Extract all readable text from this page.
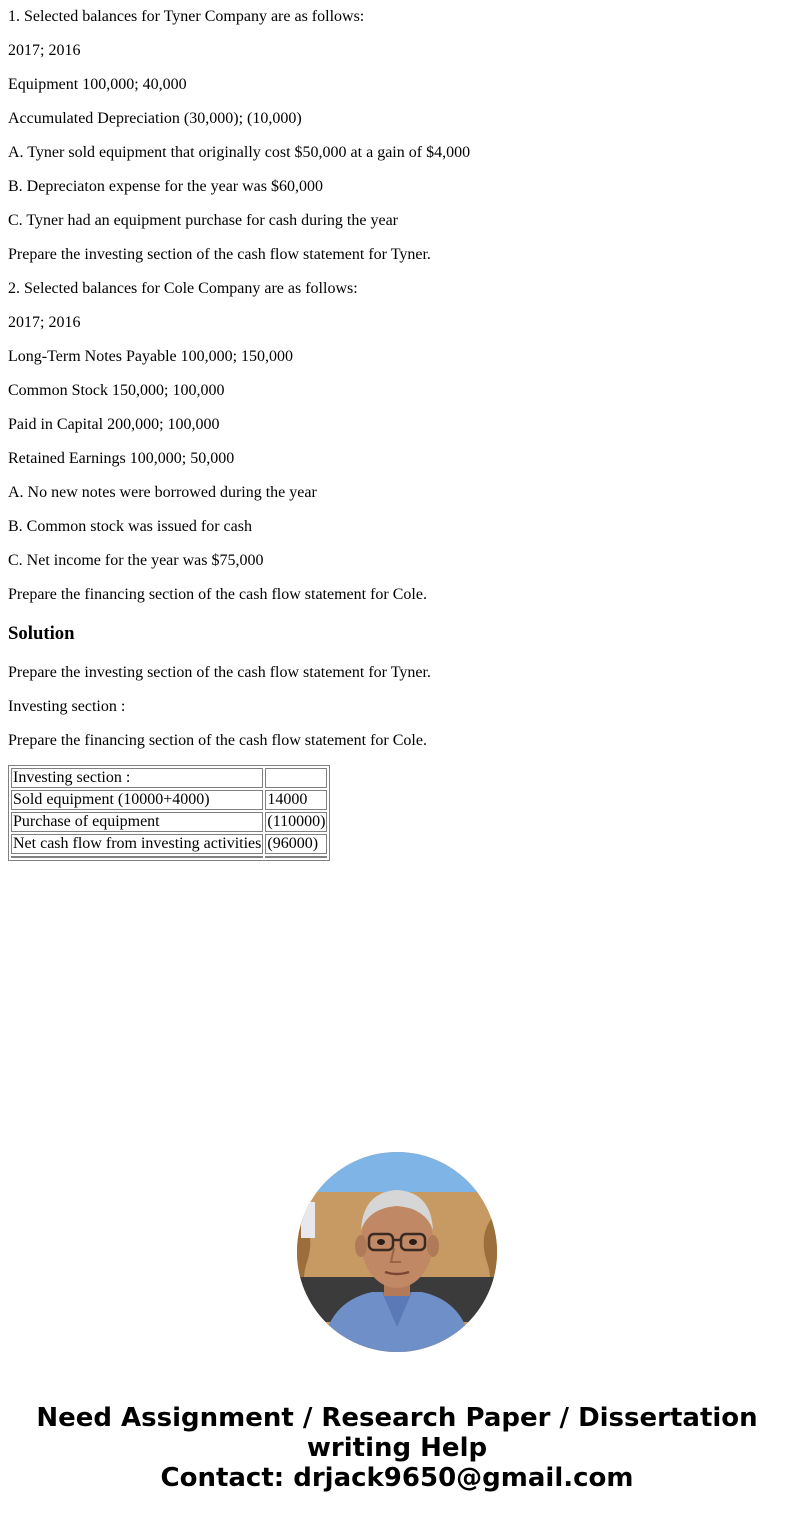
1. Selected balances for Tyner Company are as follows:

2017; 2016

Equipment 100,000; 40,000

Accumulated Depreciation (30,000); (10,000)

A. Tyner sold equipment that originally cost $50,000 at a gain of $4,000

B. Depreciaton expense for the year was $60,000

C. Tyner had an equipment purchase for cash during the year

Prepare the investing section of the cash flow statement for Tyner.

2. Selected balances for Cole Company are as follows:

2017; 2016

Long-Term Notes Payable 100,000; 150,000

Common Stock 150,000; 100,000

Paid in Capital 200,000; 100,000

Retained Earnings 100,000; 50,000

A. No new notes were borrowed during the year

B. Common stock was issued for cash

C. Net income for the year was $75,000

Prepare the financing section of the cash flow statement for Cole.

Solution

Prepare the investing section of the cash flow statement for Tyner.

Investing section :

Prepare the financing section of the cash flow statement for Cole.

Investing section :	
Sold equipment (10000+4000)	14000
Purchase of equipment	(110000)
Net cash flow from investing activities	(96000)

Need Assignment / Research Paper / Dissertation
writing Help
Contact: drjack9650@gmail.com
